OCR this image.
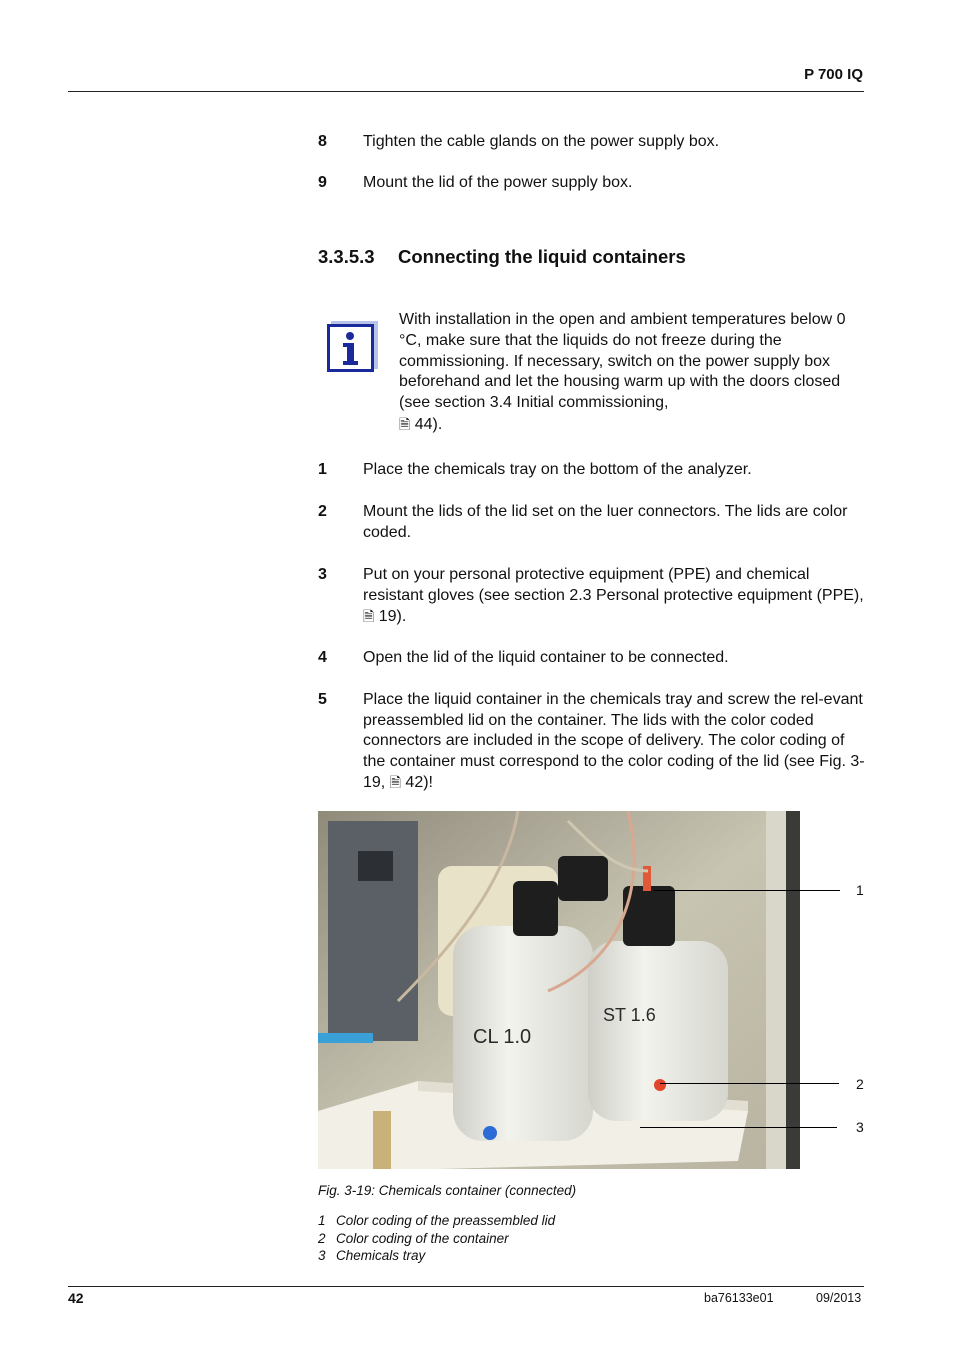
P 700 IQ
8 Tighten the cable glands on the power supply box.
9 Mount the lid of the power supply box.
3.3.5.3 Connecting the liquid containers
With installation in the open and ambient temperatures below 0 °C, make sure that the liquids do not freeze during the commissioning. If necessary, switch on the power supply box beforehand and let the housing warm up with the doors closed (see section 3.4 Initial commissioning,
🗎 44).
1 Place the chemicals tray on the bottom of the analyzer.
2 Mount the lids of the lid set on the luer connectors. The lids are color coded.
3 Put on your personal protective equipment (PPE) and chemical resistant gloves (see section 2.3 Personal protective equipment (PPE), 🗎 19).
4 Open the lid of the liquid container to be connected.
5 Place the liquid container in the chemicals tray and screw the rel-evant preassembled lid on the container. The lids with the color coded connectors are included in the scope of delivery. The color coding of the container must correspond to the color coding of the lid (see Fig. 3-19, 🗎 42)!
CL 1.0
ST 1.6
1
2
3
Fig. 3-19: Chemicals container (connected)
1 Color coding of the preassembled lid
2 Color coding of the container
3 Chemicals tray
42	ba76133e01	09/2013
